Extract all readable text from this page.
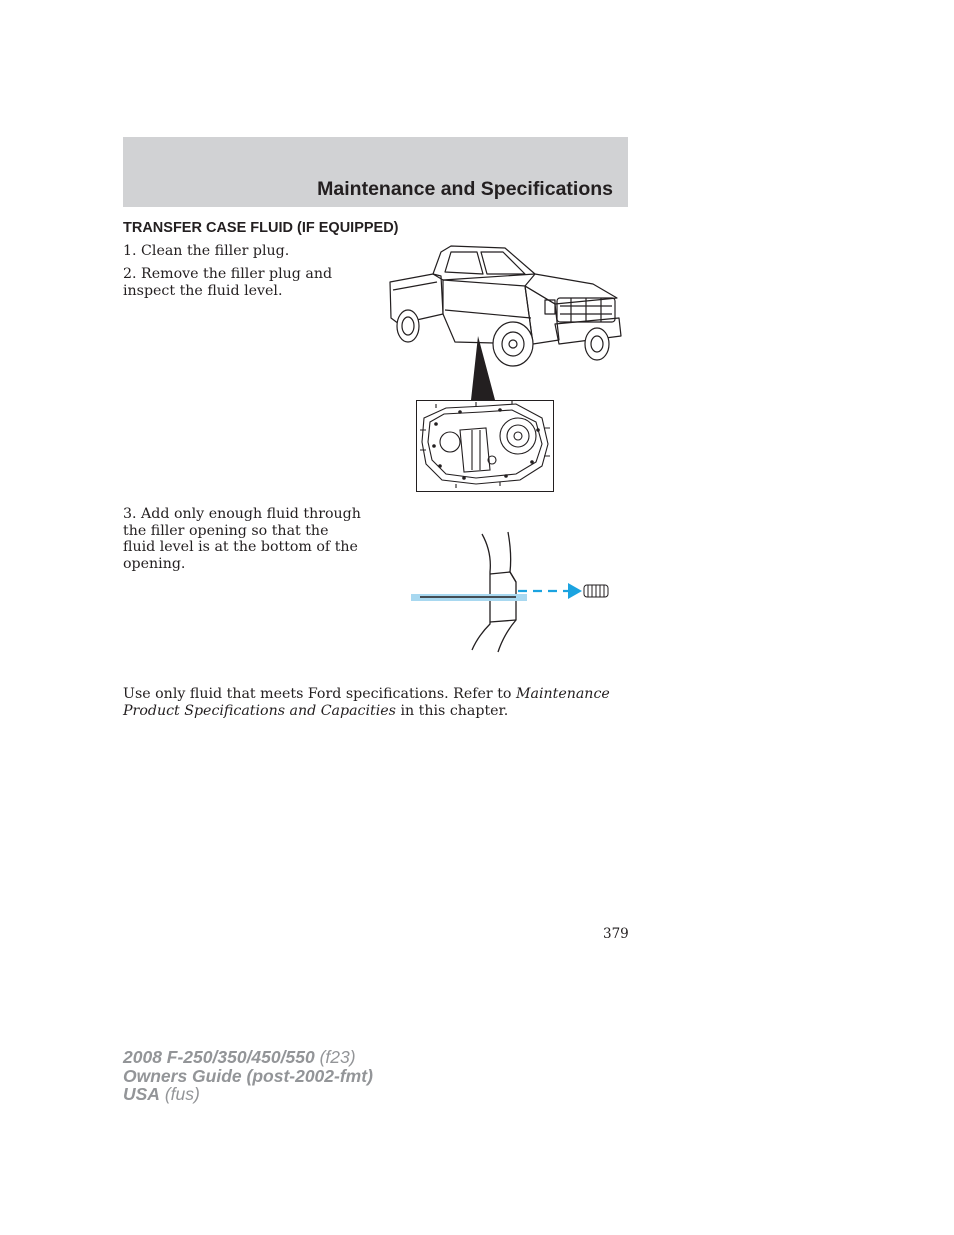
Maintenance and Specifications
TRANSFER CASE FLUID (IF EQUIPPED)
1. Clean the filler plug.
2. Remove the filler plug and inspect the fluid level.
3. Add only enough fluid through the filler opening so that the fluid level is at the bottom of the opening.
Use only fluid that meets Ford specifications. Refer to Maintenance Product Specifications and Capacities in this chapter.
379
2008 F-250/350/450/550 (f23)
Owners Guide (post-2002-fmt)
USA (fus)
